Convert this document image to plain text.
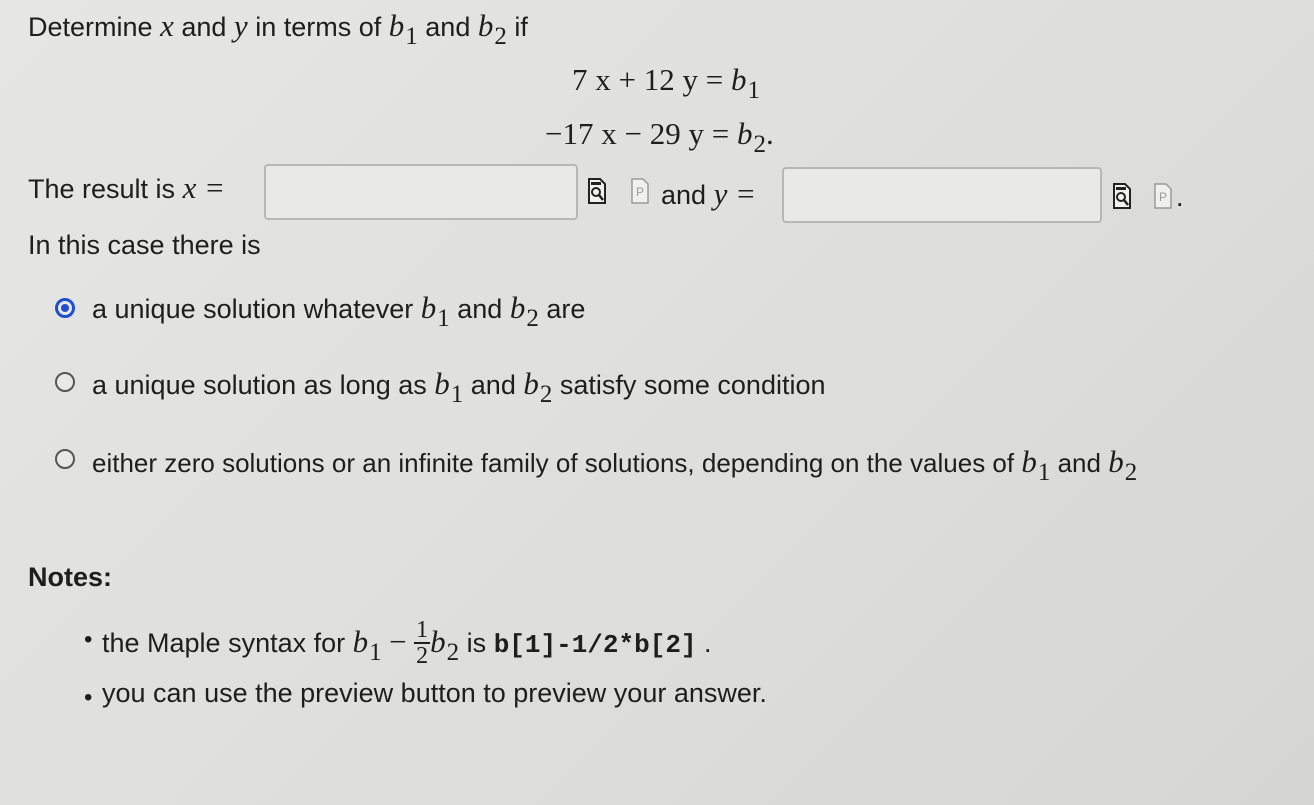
Determine x and y in terms of b1 and b2 if
7 x + 12 $y = b_1$
−17 x − 29 $y = b_2$.
The result is x =	P and y =	P .
In this case there is
a unique solution whatever b1 and b2 are
a unique solution as long as b1 and b2 satisfy some condition
either zero solutions or an infinite family of solutions, depending on the values of b1 and b2
Notes:
• the Maple syntax for $b1 - \frac{1}{2} b2$ is b[1]-1/2*b[2] .
• you can use the preview button to preview your answer.
